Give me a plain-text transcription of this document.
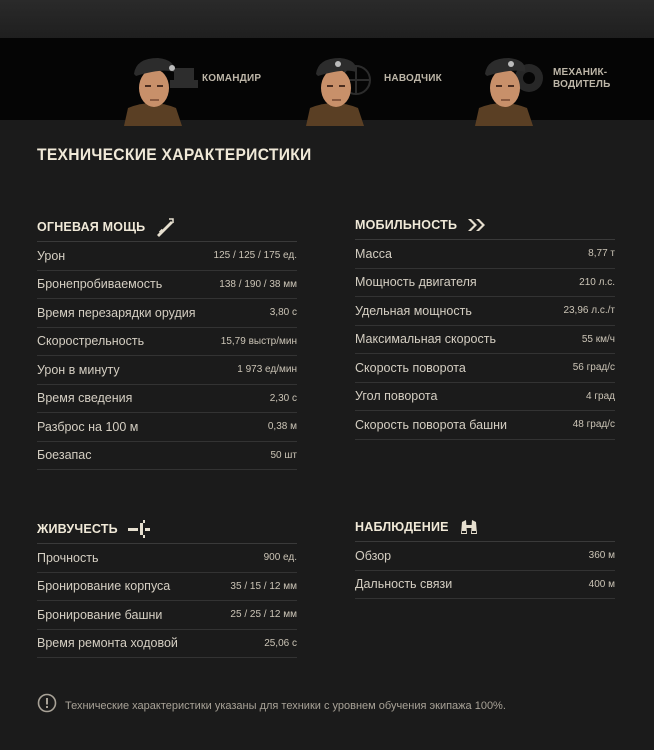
КОМАНДИР	НАВОДЧИК
МЕХАНИК-ВОДИТЕЛЬ
ТЕХНИЧЕСКИЕ ХАРАКТЕРИСТИКИ
ОГНЕВАЯ МОЩЬ
Урон	125 / 125 / 175 ед.
Бронепробиваемость	138 / 190 / 38 мм
Время перезарядки орудия	3,80 с
Скорострельность	15,79 выстр/мин
Урон в минуту	1 973 ед/мин
Время сведения	2,30 с
Разброс на 100 м	0,38 м
Боезапас	50 шт
МОБИЛЬНОСТЬ
Масса	8,77 т
Мощность двигателя	210 л.с.
Удельная мощность	23,96 л.с./т
Максимальная скорость	55 км/ч
Скорость поворота	56 град/с
Угол поворота	4 град
Скорость поворота башни	48 град/с
ЖИВУЧЕСТЬ
Прочность	900 ед.
Бронирование корпуса	35 / 15 / 12 мм
Бронирование башни	25 / 25 / 12 мм
Время ремонта ходовой	25,06 с
НАБЛЮДЕНИЕ
Обзор	360 м
Дальность связи	400 м
Технические характеристики указаны для техники с уровнем обучения экипажа 100%.
